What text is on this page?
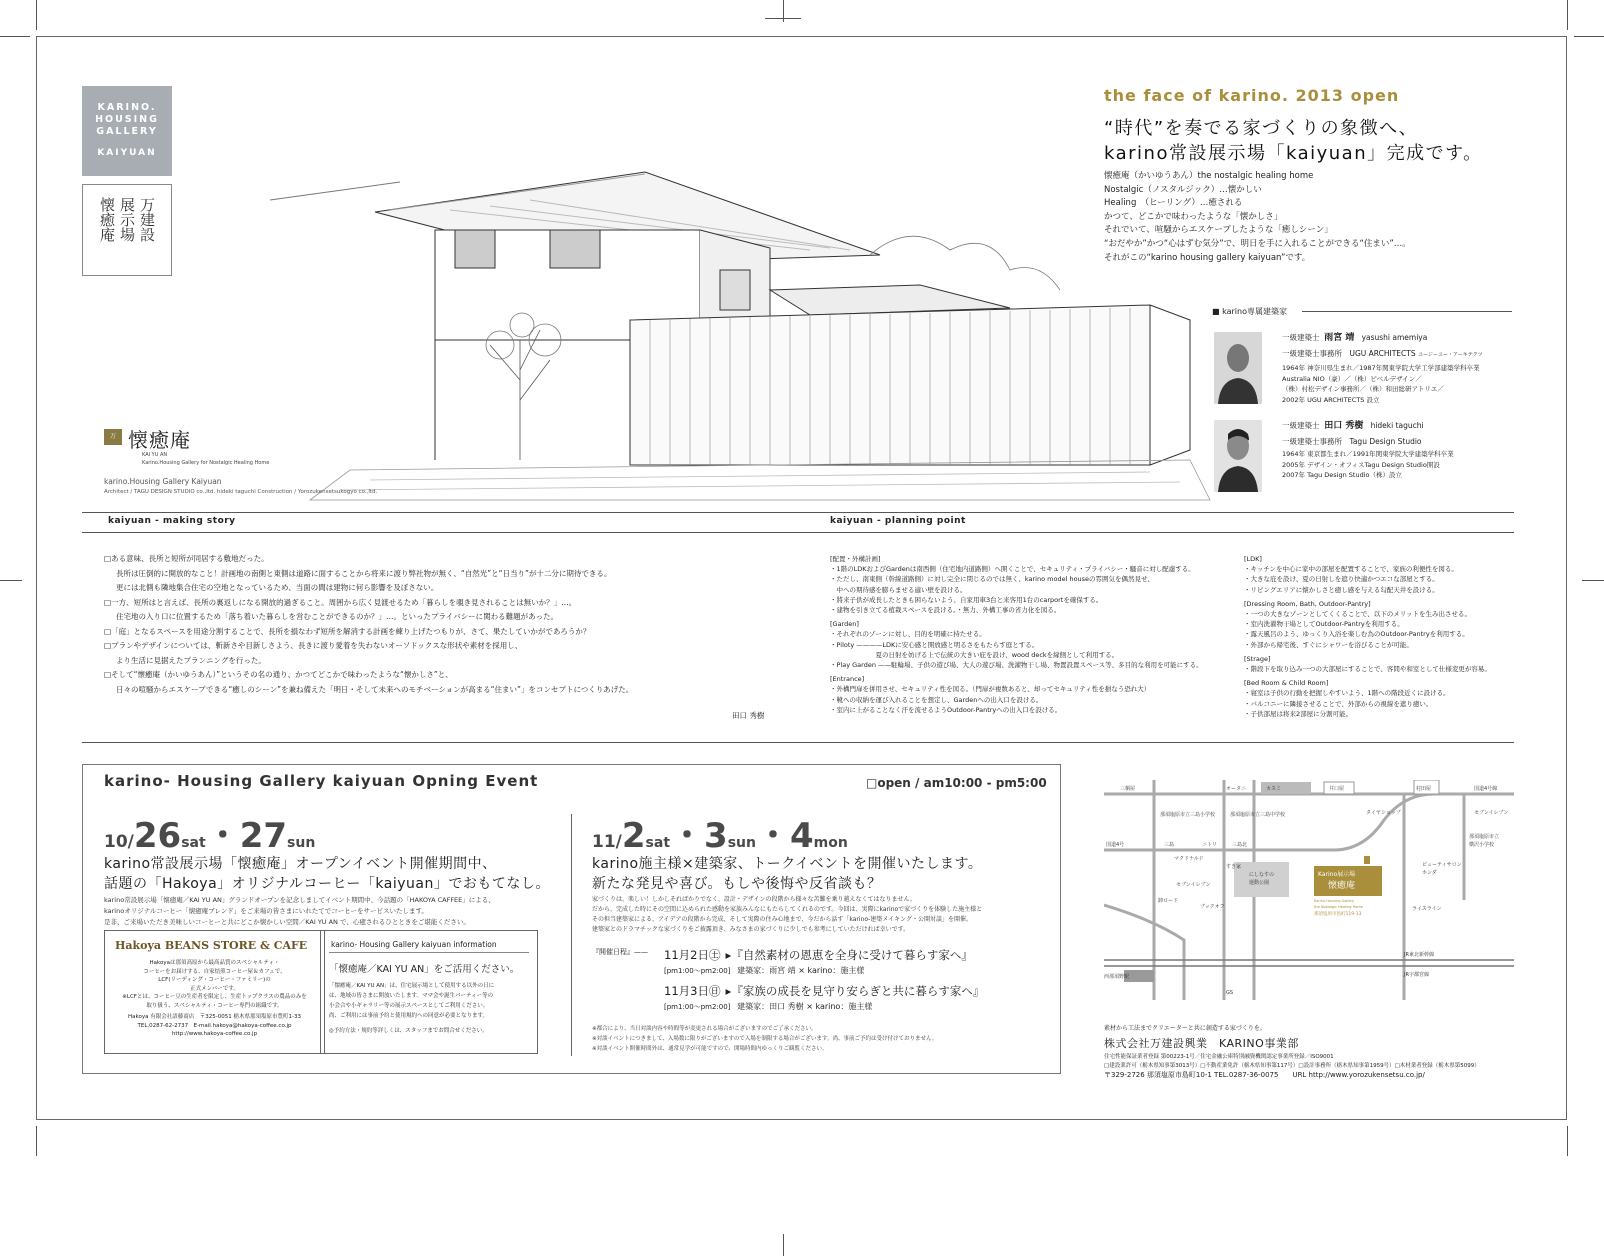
KARINO.
HOUSING
GALLERY
KAIYUAN
万建設
展示場
懐癒庵
the face of karino. 2013 open
“時代”を奏でる家づくりの象徴へ、
karino常設展示場「kaiyuan」完成です。
懐癒庵（かいゆうあん）the nostalgic healing home
Nostalgic（ノスタルジック）…懐かしい
Healing　（ヒーリング）…癒される
かつて、どこかで味わったような「懐かしさ」
それでいて、喧騒からエスケープしたような「癒しシーン」
“おだやか”かつ“心はずむ気分”で、明日を手に入れることができる“住まい”…。
それがこの“karino housing gallery kaiyuan”です。
■ karino専属建築家
一級建築士 雨宮 靖 yasushi amemiya
一級建築士事務所　UGU ARCHITECTS ユージーユー・アーキテクツ
1964年 神奈川県生まれ／1987年関東学院大学工学部建築学科卒業
Australia NIO（豪）／（株）ピベルデザイン／
（株）村松デザイン事務所／（株）和田総研アトリエ／
2002年 UGU ARCHITECTS 設立
一級建築士 田口 秀樹 hideki taguchi
一級建築士事務所　Tagu Design Studio
1964年 東京都生まれ／1991年関東学院大学建築学科卒業
2005年 デザイン・オフィスTagu Design Studio開設
2007年 Tagu Design Studio（株）設立
万 懐癒庵
KAI YU AN
Karino.Housing Gallery for Nostalgic Healing Home
karino.Housing Gallery Kaiyuan
Architect / TAGU DESIGN STUDIO co.,ltd. hideki taguchi Construction / Yorozukensetsukogyo co.,ltd.
kaiyuan - making story	kaiyuan - planning point
□ある意味、長所と短所が同居する敷地だった。
長所は圧倒的に開放的なこと！計画地の南側と東側は道路に面することから将来に渡り弊社物が無く、“自然光”と“日当り”が十二分に期待できる。
更には北側も隣地集合住宅の空地となっているため、当面の間は建物に何ら影響を及ぼさない。
□一方、短所はと言えば、長所の裏返しになる開放的過ぎること。周囲から広く見渡せるため「暮らしを覗き見されることは無いか？」…。
住宅地の入り口に位置するため「落ち着いた暮らしを営むことができるのか？」…。といったプライバシーに関わる難題があった。
□「庭」となるスペースを用途分割することで、長所を損なわず短所を解消する計画を練り上げたつもりが、さて、果たしていかがであろうか？
□プランやデザインについては、斬新さや目新しさよう、長きに渡り愛着を失わないオーソドックスな形状や素材を採用し、
より生活に見据えたプランニングを行った。
□そして“懐癒庵（かいゆうあん）”というその名の通り、かつてどこかで味わったような“懐かしさ”と、
日々の喧騒からエスケープできる“癒しのシーン”を兼ね備えた「明日・そして未来へのモチベーションが高まる“住まい”」をコンセプトにつくりあげた。
田口 秀樹
[配置・外構計画]
・1階のLDKおよびGardenは南西側（住宅地内道路側）へ開くことで、セキュリティ・プライバシー・騒音に対し配慮する。
・ただし、南東側（幹線道路側）に対し完全に閉じるのでは無く、karino model houseの雰囲気を偶然見せ、
　中への期待感を膨らませる適い壁を設ける。
・將来子供が成長したときも困らないよう、自家用車3台と来客用1台のcarportを確保する。
・建物を引き立てる植栽スペースを設ける。・無力、外構工事の省力化を図る。
[Garden]
・それぞれのゾーンに対し、目的を明確に持たせる。
・Piloty ————LDKに安心感と開放感と明るさをもたらす庭とする。
　　　　　　　夏の日射を妨げる上で伝統の大きい庇を設け、wood deckを縁側として利用する。
・Play Garden ——駐輪場、子供の遊び場、大人の遊び場、洗濯物干し場、物置設置スペース等、多目的な利用を可能にする。
[Entrance]
・外構門扉を併用させ、セキュリティ性を図る。（門扉が複数あると、却ってセキュリティ性を損なう恐れ大）
・靴への収納を運び入れることを想定し、Gardenへの出入口を設ける。
・室内に上がることなく汗を流せるようOutdoor-Pantryへの出入口を設ける。
[LDK]
・キッチンを中心に家中の部屋を配置することで、家族の利便性を図る。
・大きな庇を設け、夏の日射しを遮り快適かつエコな部屋とする。
・リビングエリアに懐かしさと癒し感を与える勾配天井を設ける。
[Dressing Room, Bath, Outdoor-Pantry]
・一つの大きなゾーンとしてくくることで、以下のメリットを生み出させる。
・室内洗濯物干場としてOutdoor-Pantryを利用する。
・露天風呂のよう、ゆっくり入浴を楽しむ為のOutdoor-Pantryを利用する。
・外部から帰宅後、すぐにシャワーを浴びることが可能。
[Strage]
・階段下を取り込み一つの大部屋にすることで、客間や和室として仕様変更が容易。
[Bed Room & Child Room]
・寝室は子供の行動を把握しやすいよう、1階への階段近くに設ける。
・バルコニーに隣接させることで、外部からの視線を遮り癒い。
・子供部屋は将来2部屋に分割可能。
karino- Housing Gallery kaiyuan Opning Event	□open / am10:00 - pm5:00
10/26sat・27sun
karino常設展示場「懐癒庵」オープンイベント開催期間中、
話題の「Hakoya」オリジナルコーヒー「kaiyuan」でおもてなし。
karino常設展示場「懐癒庵／KAI YU AN」グランドオープンを記念しましてイベント期間中、今話題の「HAKOYA CAFFEE」による、
karinoオリジナルコーヒー「懐癒庵ブレンド」をご来場の皆さまにいれたてでコーヒーをサービスいたします。
是非、ご来場いただき美味しいコーヒーと共にどこか懐かしい空間／KAI YU AN で、心癒されるひとときをご堪能ください。
Hakoya BEANS STORE & CAFE
Hakoyaは那須高原から最高品質のスペシャルティ・
コーヒーをお届けする、自家焙煎コーヒー屋＆カフェで、
LCF(リーディング・コーヒー・ファミリー)の
正式メンバーです。
※LCFとは、コーヒー豆の生産者を限定し、生産トップクラスの農品のみを
取り扱う、スペシャルティ・コーヒー専門の組織です。
Hakoya 有限会社語藤商店　〒325-0051 栃木県那須塩原市豊町1-33
TEL.0287-62-2737　E-mail.hakoya@hakoya-coffee.co.jp
http://www.hakoya-coffee.co.jp
karino- Housing Gallery kaiyuan information
「懐癒庵／KAI YU AN」をご活用ください。
「懐癒庵／KAI YU AN」は、住宅展示場として使用する以外の日に
は、地域の皆さまに開放いたします。ママ会や誕生パーティー等の
小会合や小ギャラリー等の展示スペースとしてご利用ください。
尚、ご利用には事前予約と使用規約への同意が必要となります。
◎予約方法・規約等詳しくは、スタッフまでお問合せください。
11/2sat・3sun・4mon
karino施主様×建築家、トークイベントを開催いたします。
新たな発見や喜び。もしや後悔や反省談も？
家づくりは、楽しい！しかしそればかりでなく、設計・デザインの段階から様々な苦難を乗り越えなくてはなりません。
だから、完成した時にその空間に込められた感動を家族みんなにもたらしてくれるのです。今回は、実際にkarinoで家づくりを体験した施主様と
その担当建築家による、アイデアの段階から完成、そして実際の住み心地まで、今だから話す「karino-建築メイキング・公開対談」を開催。
建築家とのドラマチックな家づくりをご披露頂き、みなさまの家づくりに少しでも参考にしていただければ幸いです。
『開催日程』—— 11月2日㊏ ▸『自然素材の恩恵を全身に受けて暮らす家へ』
[pm1:00〜pm2:00] 建築家：雨宮 靖 × karino：施主様
11月3日㊐ ▸『家族の成長を見守り安らぎと共に暮らす家へ』
[pm1:00〜pm2:00] 建築家：田口 秀樹 × karino：施主様
※都合により、当日対談内容や時間等が変更される場合がございますのでご了承ください。
※対談イベントにつきまして、入場数に限りがございますので入場を制限する場合がございます。尚、事前ご予約は受け付けておりません。
※対談イベント開催時間外は、通常見学が可能ですので、開場時間内ゆっくりご観覧ください。
三桐屋	カスミ
オータニ	井口屋	村田屋	国道4号線
国道4号
タイヤショップ	セブンイレブン
那須塩原市立三島小学校	那須塩原市立三島中学校
三島	ニトリ	三島北
マクドナルド
すき家
にしなすの
運動公園
ビューティサロン
ホンダ
那須塩原市立
横沢小学校
卸ロード
セブンイレブン
ブックオフ	ライスライン
JR東北新幹線
JR宇都宮線
西那須野駅
GS
Karino展示場
懐癒庵
Karino.Housing Gallery
the Nostalgic Healing Home
那須塩原市島町119-13
素材から工法までクリエーターと共に創造する家づくりを。
株式会社万建設興業　KARINO事業部
住宅性能保証業者登録 第00223-1号／住宅金融公庫特別融資機関認定事業所登録／ISO9001
□建設業許可（栃木県知事第3013号）□不動産業免許（栃木県知事第117号）□設計事務所（栃木県知事第1959号）□木材業者登録（栃木県第5099）
〒329-2726 那須塩原市島町10-1 TEL.0287-36-0075　　URL http://www.yorozukensetsu.co.jp/
